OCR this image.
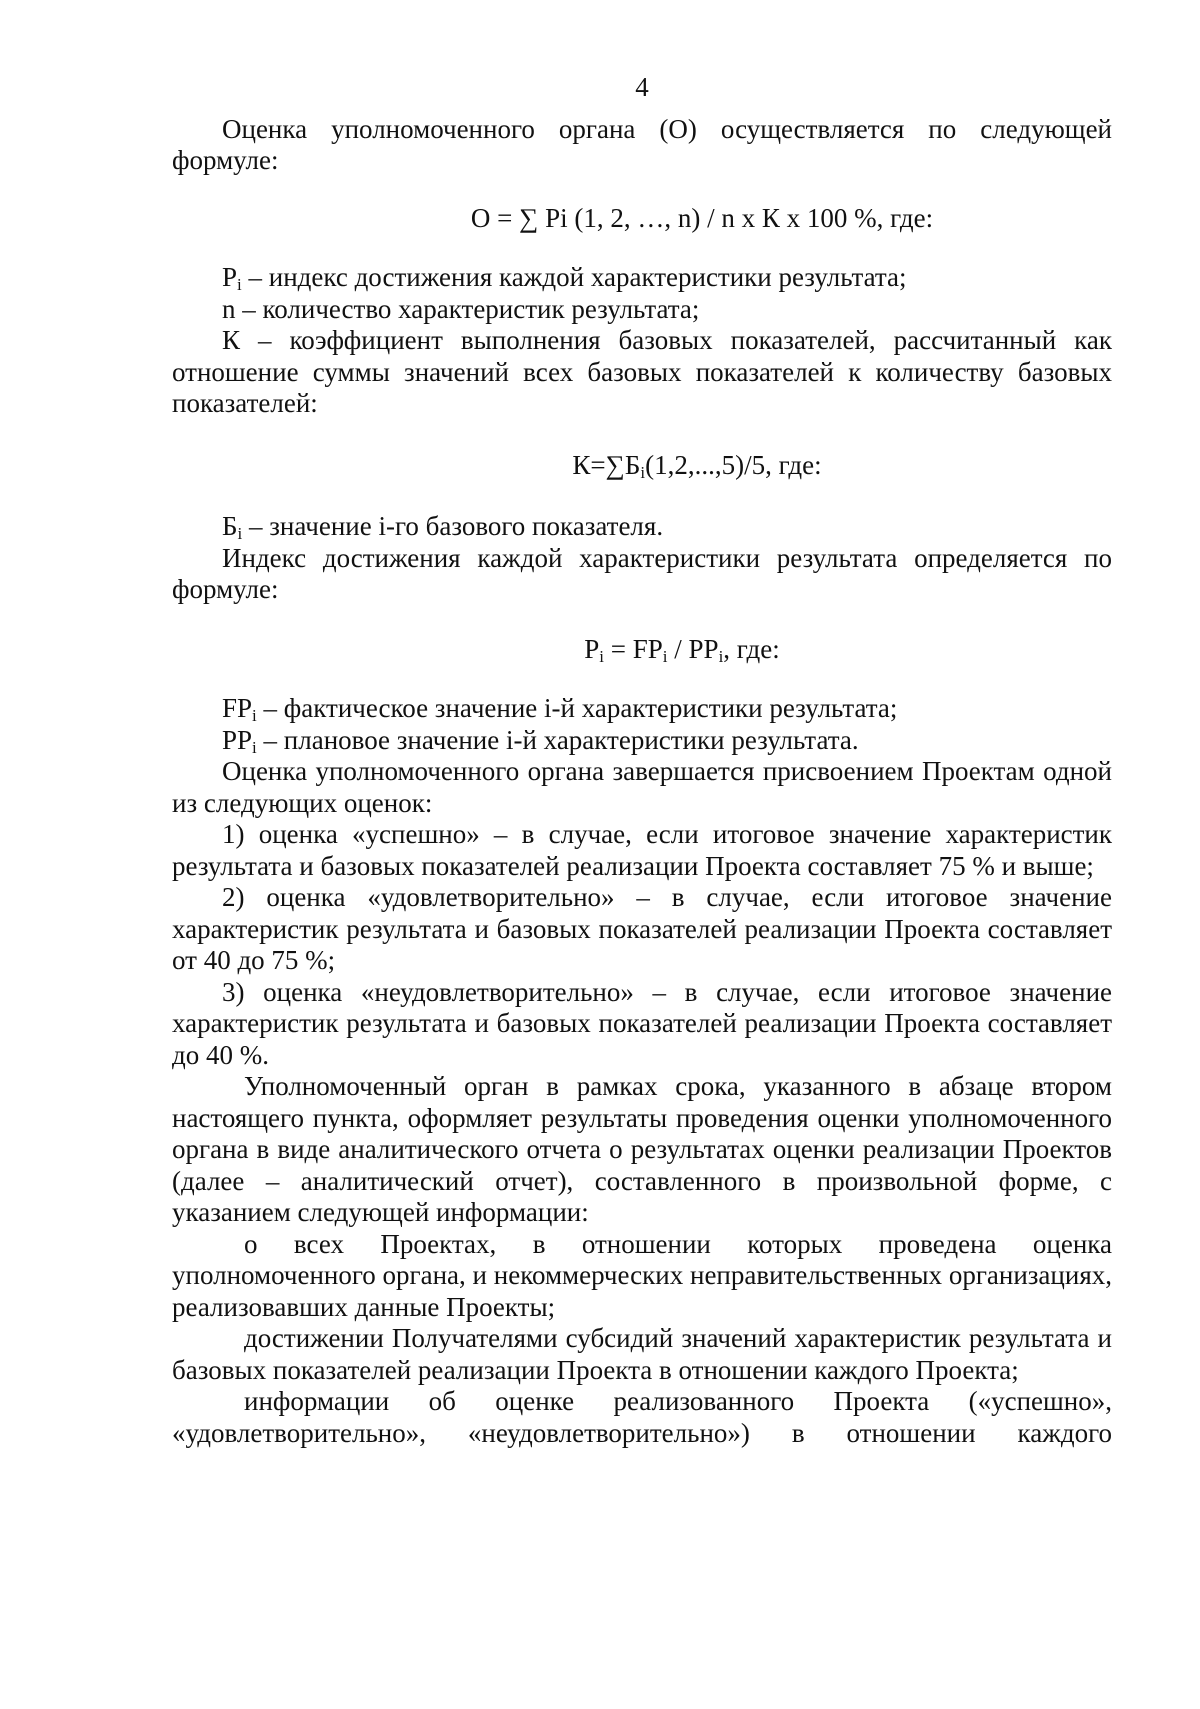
4

Оценка уполномоченного органа (О) осуществляется по следующей формуле:

О = ∑ Pi (1, 2, …, n) / n х К х 100 %, где:

$P_i$ – индекс достижения каждой характеристики результата;

n – количество характеристик результата;

К – коэффициент выполнения базовых показателей, рассчитанный как отношение суммы значений всех базовых показателей к количеству базовых показателей:

$К=\sum Б_i(1,2,...,5)/5$, где:

$Б_i$ – значение i-го базового показателя.

Индекс достижения каждой характеристики результата определяется по формуле:

$P_i = FP_i / PP_i$, где:

$FP_i$ – фактическое значение i-й характеристики результата;

$PP_i$ – плановое значение i-й характеристики результата.

Оценка уполномоченного органа завершается присвоением Проектам одной из следующих оценок:

1) оценка «успешно» – в случае, если итоговое значение характеристик результата и базовых показателей реализации Проекта составляет 75 % и выше;

2) оценка «удовлетворительно» – в случае, если итоговое значение характеристик результата и базовых показателей реализации Проекта составляет от 40 до 75 %;

3) оценка «неудовлетворительно» – в случае, если итоговое значение характеристик результата и базовых показателей реализации Проекта составляет до 40 %.

Уполномоченный орган в рамках срока, указанного в абзаце втором настоящего пункта, оформляет результаты проведения оценки уполномоченного органа в виде аналитического отчета о результатах оценки реализации Проектов (далее – аналитический отчет), составленного в произвольной форме, с указанием следующей информации:

о всех Проектах, в отношении которых проведена оценка уполномоченного органа, и некоммерческих неправительственных организациях, реализовавших данные Проекты;

достижении Получателями субсидий значений характеристик результата и базовых показателей реализации Проекта в отношении каждого Проекта;

информации об оценке реализованного Проекта («успешно», «удовлетворительно», «неудовлетворительно») в отношении каждого
